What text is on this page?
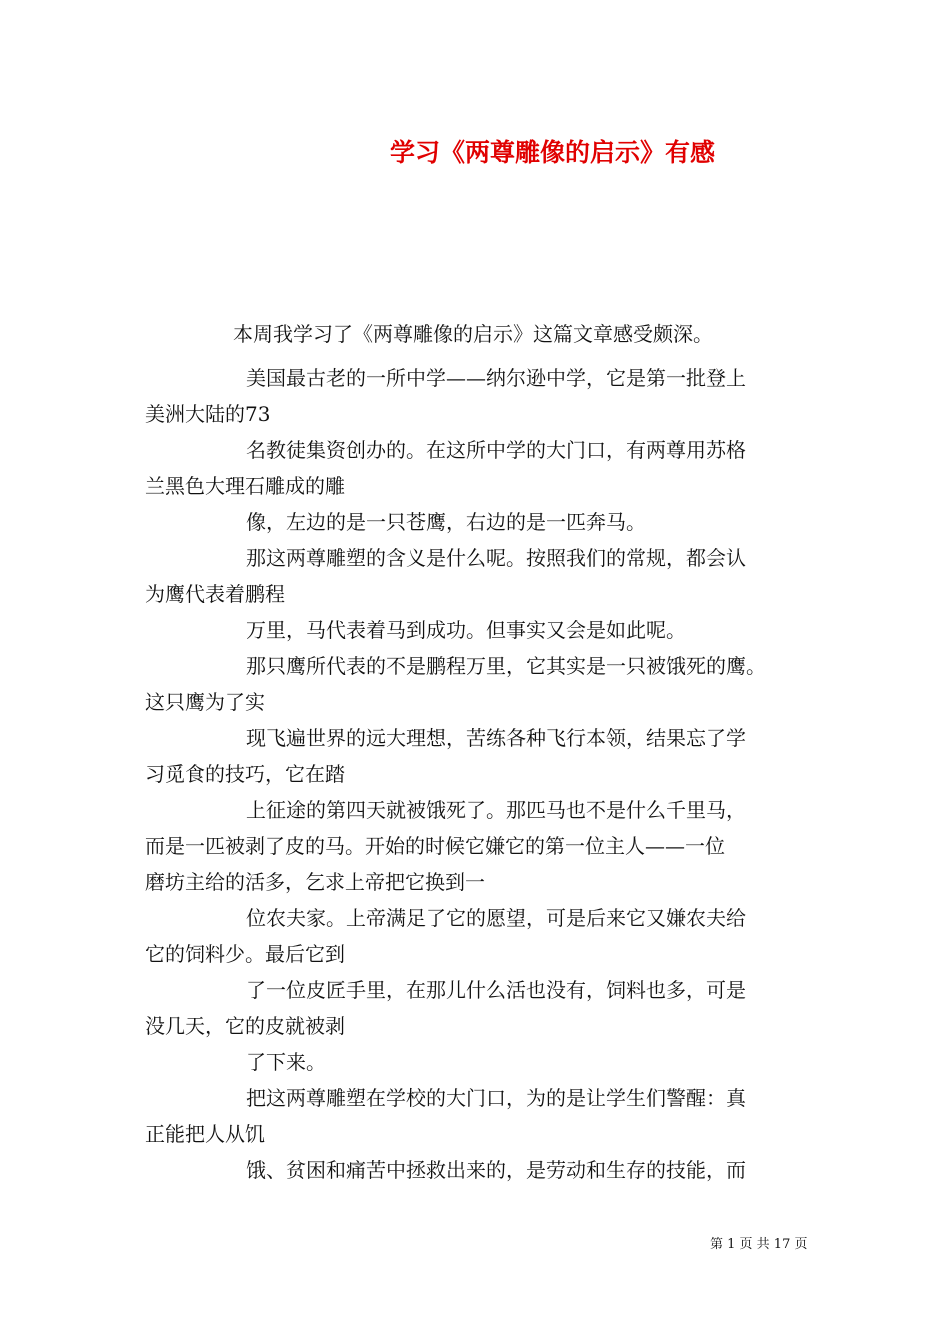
学习《两尊雕像的启示》有感
本周我学习了《两尊雕像的启示》这篇文章感受颇深。
美国最古老的一所中学——纳尔逊中学，它是第一批登上
美洲大陆的73
名教徒集资创办的。在这所中学的大门口，有两尊用苏格
兰黑色大理石雕成的雕
像，左边的是一只苍鹰，右边的是一匹奔马。
那这两尊雕塑的含义是什么呢。按照我们的常规，都会认
为鹰代表着鹏程
万里，马代表着马到成功。但事实又会是如此呢。
那只鹰所代表的不是鹏程万里，它其实是一只被饿死的鹰。
这只鹰为了实
现飞遍世界的远大理想，苦练各种飞行本领，结果忘了学
习觅食的技巧，它在踏
上征途的第四天就被饿死了。那匹马也不是什么千里马，
而是一匹被剥了皮的马。开始的时候它嫌它的第一位主人——一位
磨坊主给的活多，乞求上帝把它换到一
位农夫家。上帝满足了它的愿望，可是后来它又嫌农夫给
它的饲料少。最后它到
了一位皮匠手里，在那儿什么活也没有，饲料也多，可是
没几天，它的皮就被剥
了下来。
把这两尊雕塑在学校的大门口，为的是让学生们警醒：真
正能把人从饥
饿、贫困和痛苦中拯救出来的，是劳动和生存的技能，而
第 1 页 共 17 页
